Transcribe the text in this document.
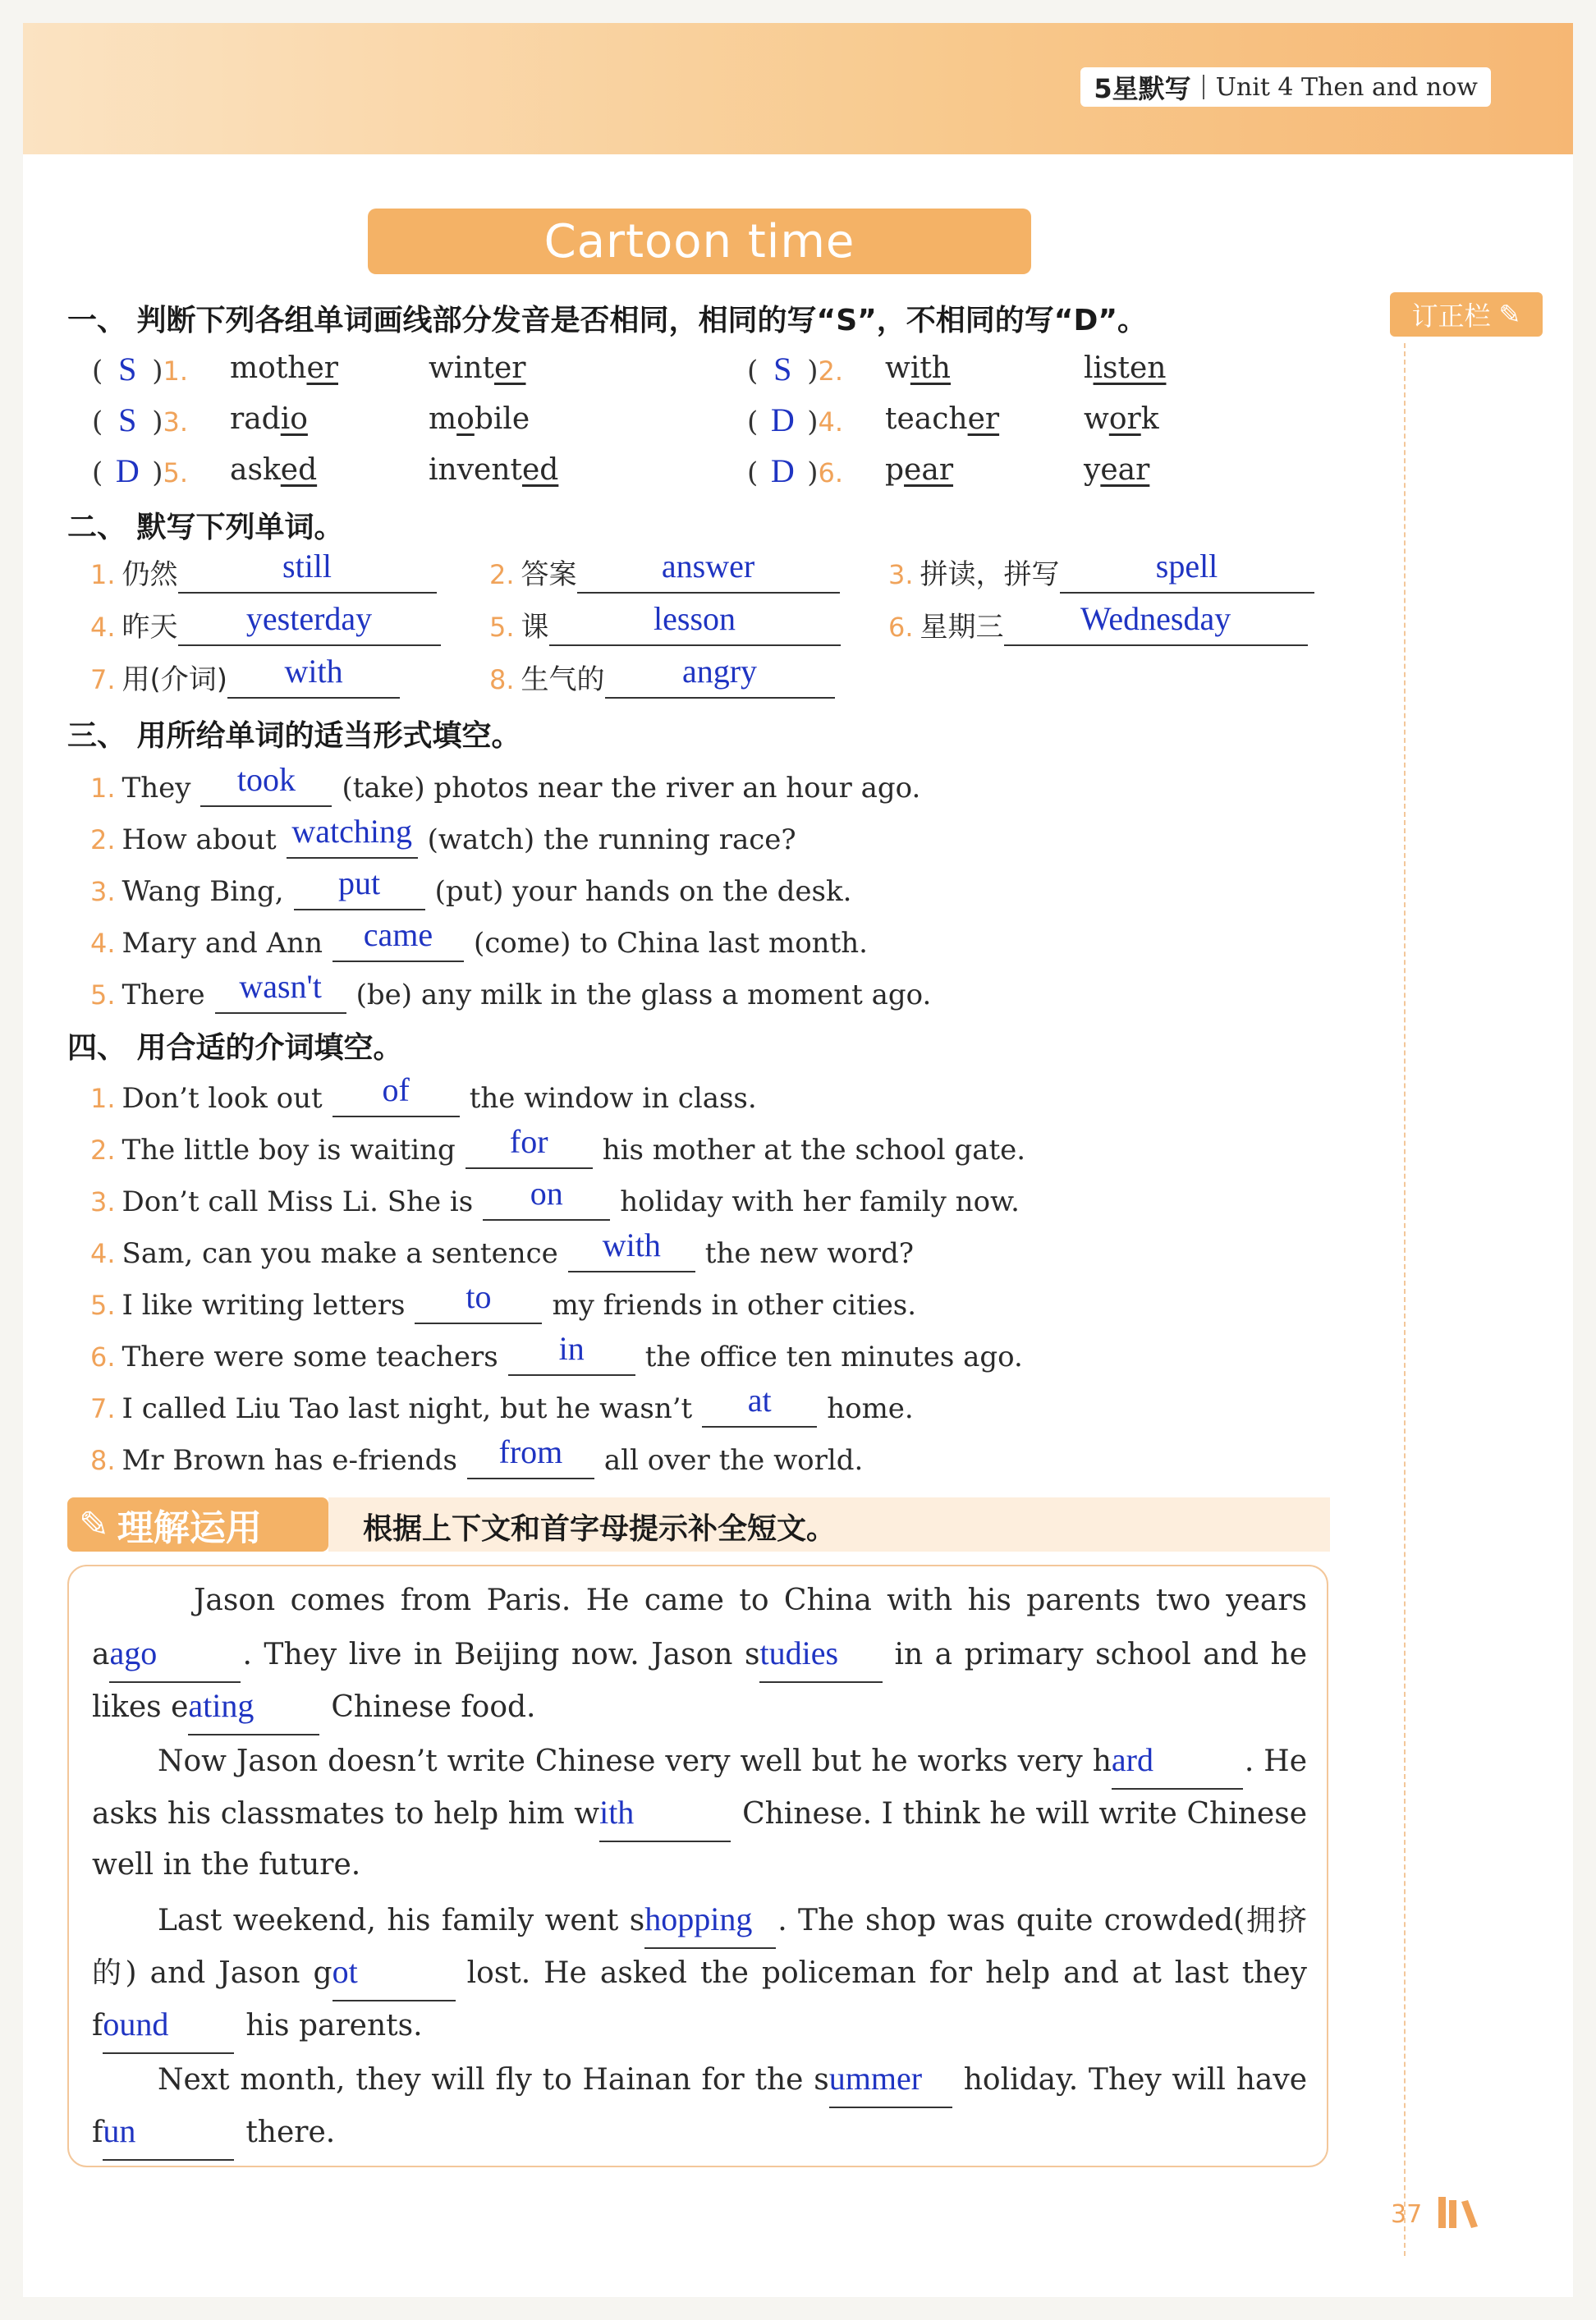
5星默写 Unit 4 Then and now
Cartoon time
订正栏 ✎
一、 判断下列各组单词画线部分发音是否相同，相同的写“S”，不相同的写“D”。
( S ) 1. mother	winter	( S ) 2. with	listen
( S ) 3. radio	mobile	( D ) 4. teacher	work
( D ) 5. asked	invented	( D ) 6. pear	year
二、 默写下列单词。
1. 仍然	still	2. 答案	answer	3. 拼读，拼写	spell
4. 昨天	yesterday	5. 课	lesson	6. 星期三	Wednesday
7. 用(介词)	with	8. 生气的	angry
三、 用所给单词的适当形式填空。
1. They	took	(take) photos near the river an hour ago.
2. How about watching (watch) the running race?
3. Wang Bing,	put	(put) your hands on the desk.
4. Mary and Ann	came	(come) to China last month.
5. There	wasn't	(be) any milk in the glass a moment ago.
四、 用合适的介词填空。
1. Don’t look out	of	the window in class.
2. The little boy is waiting	for	his mother at the school gate.
3. Don’t call Miss Li. She is	on	holiday with her family now.
4. Sam, can you make a sentence	with	the new word?
5. I like writing letters	to	my friends in other cities.
6. There were some teachers	in	the office ten minutes ago.
7. I called Liu Tao last night, but he wasn’t	at	home.
8. Mr Brown has e-friends	from	all over the world.
✎ 理解运用	根据上下文和首字母提示补全短文。
Jason comes from Paris. He came to China with his parents two years
aago	. They live in Beijing now. Jason studies in a primary school and he
likes eating	Chinese food.
Now Jason doesn’t write Chinese very well but he works very hard	. He
asks his classmates to help him with	Chinese. I think he will write Chinese
well in the future.
Last weekend, his family went shopping . The shop was quite crowded(拥挤
的) and Jason got	lost. He asked the policeman for help and at last they
found	his parents.
Next month, they will fly to Hainan for the summer holiday. They will have
fun	there.
37
